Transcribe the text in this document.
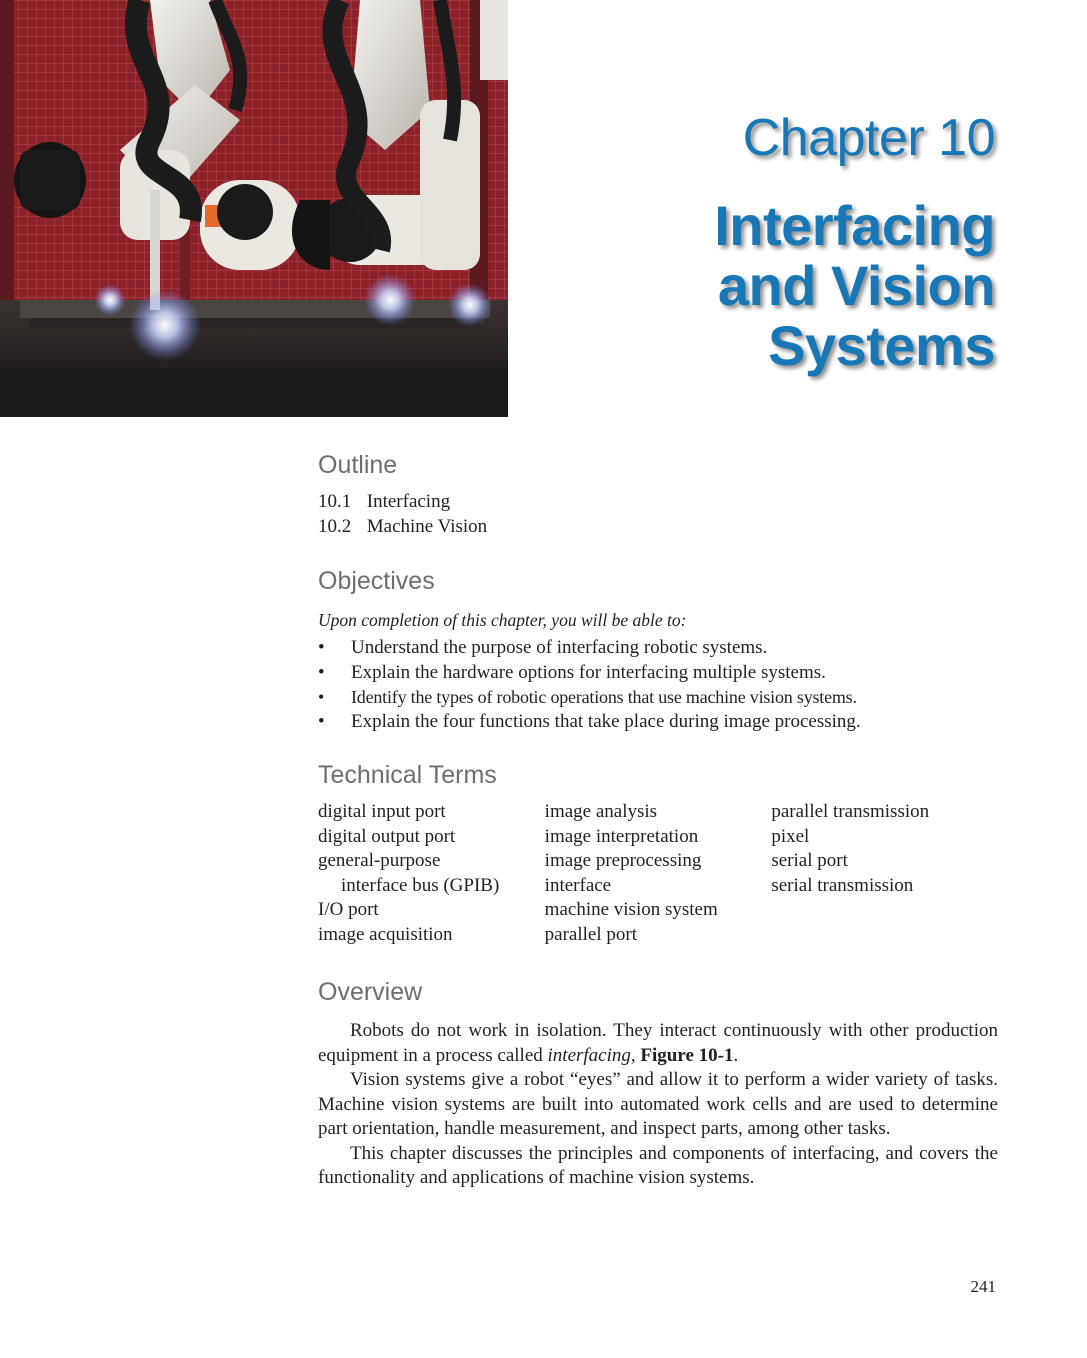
Chapter 10
Interfacing
and Vision
Systems
Outline
10.1 Interfacing
10.2 Machine Vision
Objectives

Upon completion of this chapter, you will be able to:

• Understand the purpose of interfacing robotic systems.
• Explain the hardware options for interfacing multiple systems.
• Identify the types of robotic operations that use machine vision systems.
• Explain the four functions that take place during image processing.
Technical Terms
digital input port
digital output port
general-purpose
interface bus (GPIB)
I/O port
image acquisition
image analysis
image interpretation
image preprocessing
interface
machine vision system
parallel port
parallel transmission
pixel
serial port
serial transmission
Overview

Robots do not work in isolation. They interact continuously with other production equipment in a process called interfacing, Figure 10-1.

Vision systems give a robot “eyes” and allow it to perform a wider variety of tasks. Machine vision systems are built into automated work cells and are used to determine part orientation, handle measurement, and inspect parts, among other tasks.

This chapter discusses the principles and components of interfacing, and covers the functionality and applications of machine vision systems.

241
